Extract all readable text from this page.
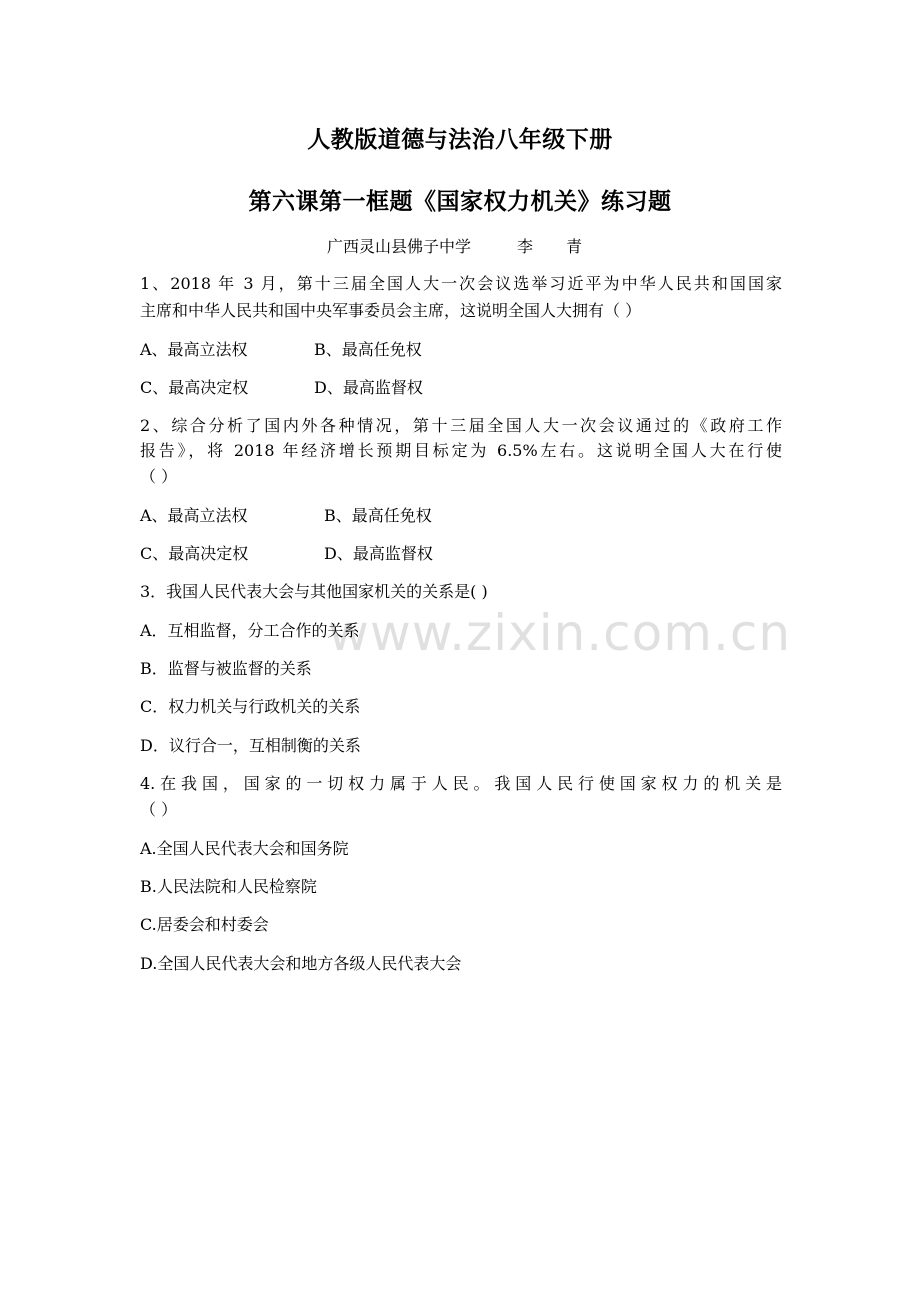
人教版道德与法治八年级下册
第六课第一框题《国家权力机关》练习题
广西灵山县佛子中学	李 青
1、2018 年 3 月，第十三届全国人大一次会议选举习近平为中华人民共和国国家
主席和中华人民共和国中央军事委员会主席，这说明全国人大拥有（ ）
A、最高立法权	B、最高任免权
C、最高决定权	D、最高监督权
2、综合分析了国内外各种情况，第十三届全国人大一次会议通过的《政府工作
报告》，将 2018 年经济增长预期目标定为 6.5%左右。这说明全国人大在行使
（ ）
A、最高立法权	B、最高任免权
C、最高决定权	D、最高监督权
3．我国人民代表大会与其他国家机关的关系是( )
A．互相监督，分工合作的关系
B．监督与被监督的关系
C．权力机关与行政机关的关系
D．议行合一，互相制衡的关系
4.在我国，国家的一切权力属于人民。我国人民行使国家权力的机关是
（ ）
A.全国人民代表大会和国务院
B.人民法院和人民检察院
C.居委会和村委会
D.全国人民代表大会和地方各级人民代表大会
www.zixin.com.cn
